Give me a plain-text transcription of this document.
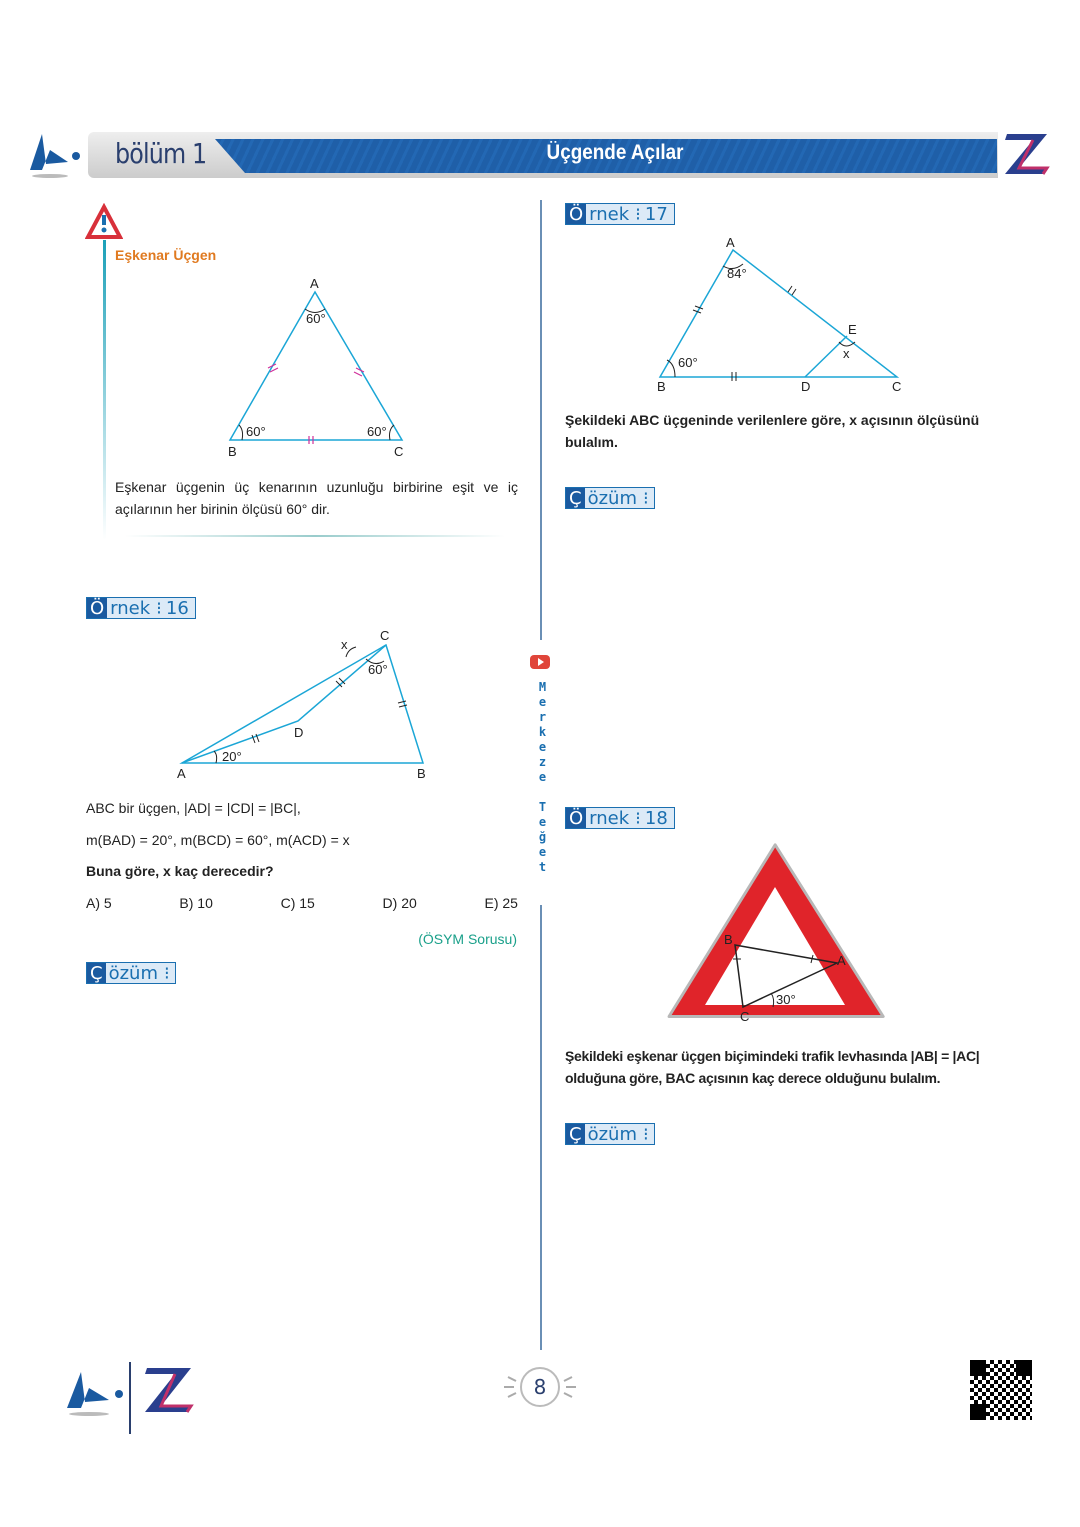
bölüm 1	Üçgende Açılar
Eşkenar Üçgen
A
60°
60°	60°
B	C
Eşkenar üçgenin üç kenarının uzunluğu birbirine eşit ve iç açılarının her birinin ölçüsü 60° dir.
Ö rnek ⁝ 16
C
60°
x
D
20°
A	B
ABC bir üçgen, |AD| = |CD| = |BC|,
m(BAD) = 20°, m(BCD) = 60°, m(ACD) = x
Buna göre, x kaç derecedir?
A) 5	B) 10	C) 15	D) 20	E) 25
(ÖSYM Sorusu)
Ç özüm ⁝
Merkeze Teğet
Ö rnek ⁝ 17
A
84°
E
x
60°
B	D	C
Şekildeki ABC üçgeninde verilenlere göre, x açısının ölçüsünü bulalım.
Ç özüm ⁝
Ö rnek ⁝ 18
B
A
C
30°
Şekildeki eşkenar üçgen biçimindeki trafik levhasında |AB| = |AC| olduğuna göre, BAC açısının kaç derece olduğunu bulalım.
Ç özüm ⁝
8
